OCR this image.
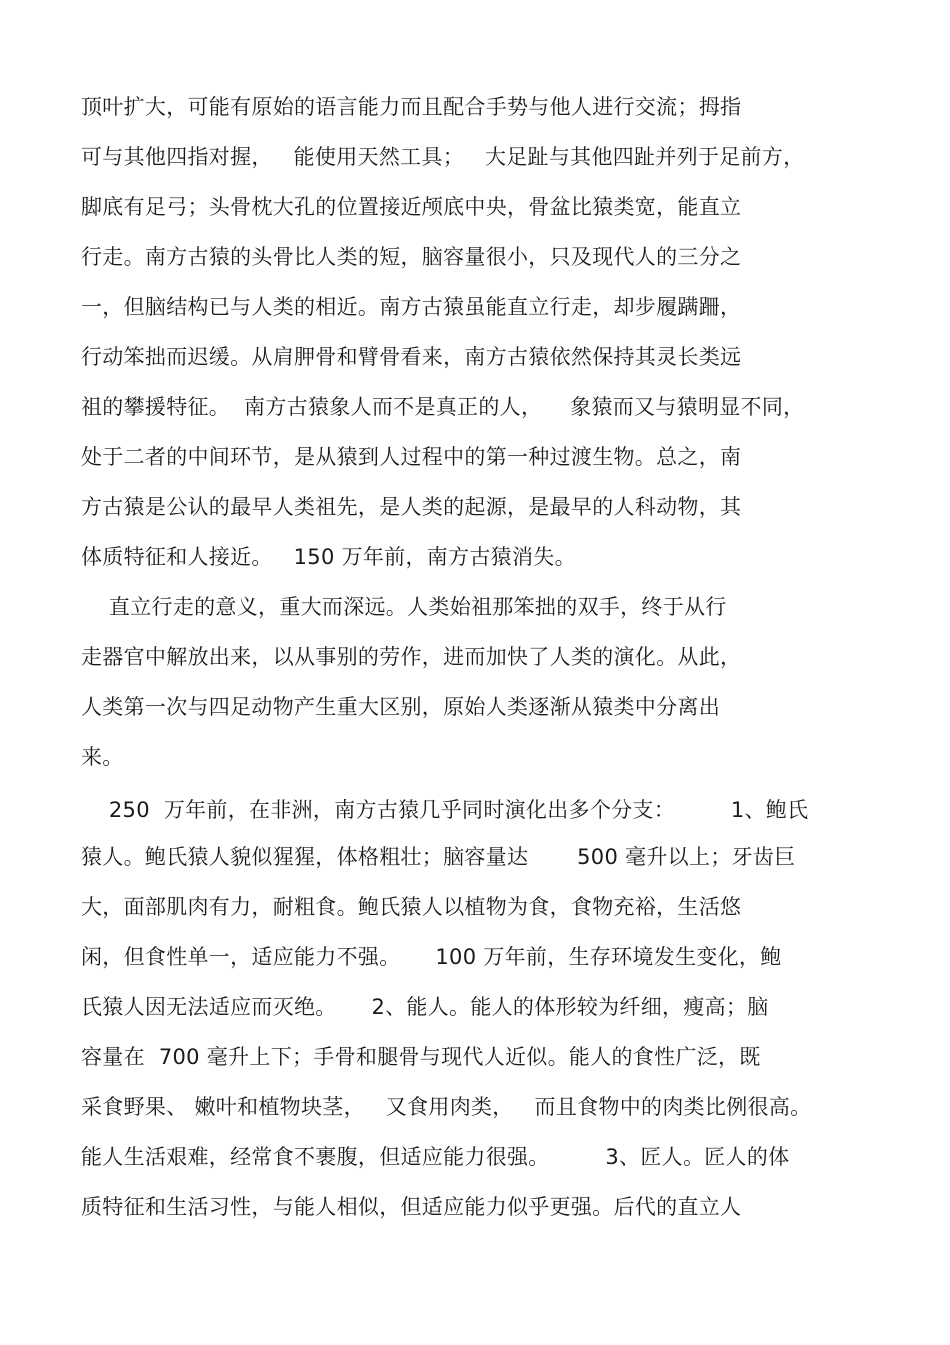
顶叶扩大，可能有原始的语言能力而且配合手势与他人进行交流；拇指
可与其他四指对握，   能使用天然工具；   大足趾与其他四趾并列于足前方，
脚底有足弓；头骨枕大孔的位置接近颅底中央，骨盆比猿类宽，能直立
行走。南方古猿的头骨比人类的短，脑容量很小，只及现代人的三分之
一，但脑结构已与人类的相近。南方古猿虽能直立行走，却步履蹒跚，
行动笨拙而迟缓。从肩胛骨和臂骨看来，南方古猿依然保持其灵长类远
祖的攀援特征。  南方古猿象人而不是真正的人，    象猿而又与猿明显不同，
处于二者的中间环节，是从猿到人过程中的第一种过渡生物。总之，南
方古猿是公认的最早人类祖先，是人类的起源，是最早的人科动物，其
体质特征和人接近。   150 万年前，南方古猿消失。
直立行走的意义，重大而深远。人类始祖那笨拙的双手，终于从行
走器官中解放出来，以从事别的劳作，进而加快了人类的演化。从此，
人类第一次与四足动物产生重大区别，原始人类逐渐从猿类中分离出
来。
250  万年前，在非洲，南方古猿几乎同时演化出多个分支：        1、鲍氏
猿人。鲍氏猿人貌似猩猩，体格粗壮；脑容量达       500 毫升以上；牙齿巨
大，面部肌肉有力，耐粗食。鲍氏猿人以植物为食，食物充裕，生活悠
闲，但食性单一，适应能力不强。     100 万年前，生存环境发生变化，鲍
氏猿人因无法适应而灭绝。     2、能人。能人的体形较为纤细，瘦高；脑
容量在  700 毫升上下；手骨和腿骨与现代人近似。能人的食性广泛，既
采食野果、 嫩叶和植物块茎，   又食用肉类，   而且食物中的肉类比例很高。
能人生活艰难，经常食不裹腹，但适应能力很强。        3、匠人。匠人的体
质特征和生活习性，与能人相似，但适应能力似乎更强。后代的直立人
